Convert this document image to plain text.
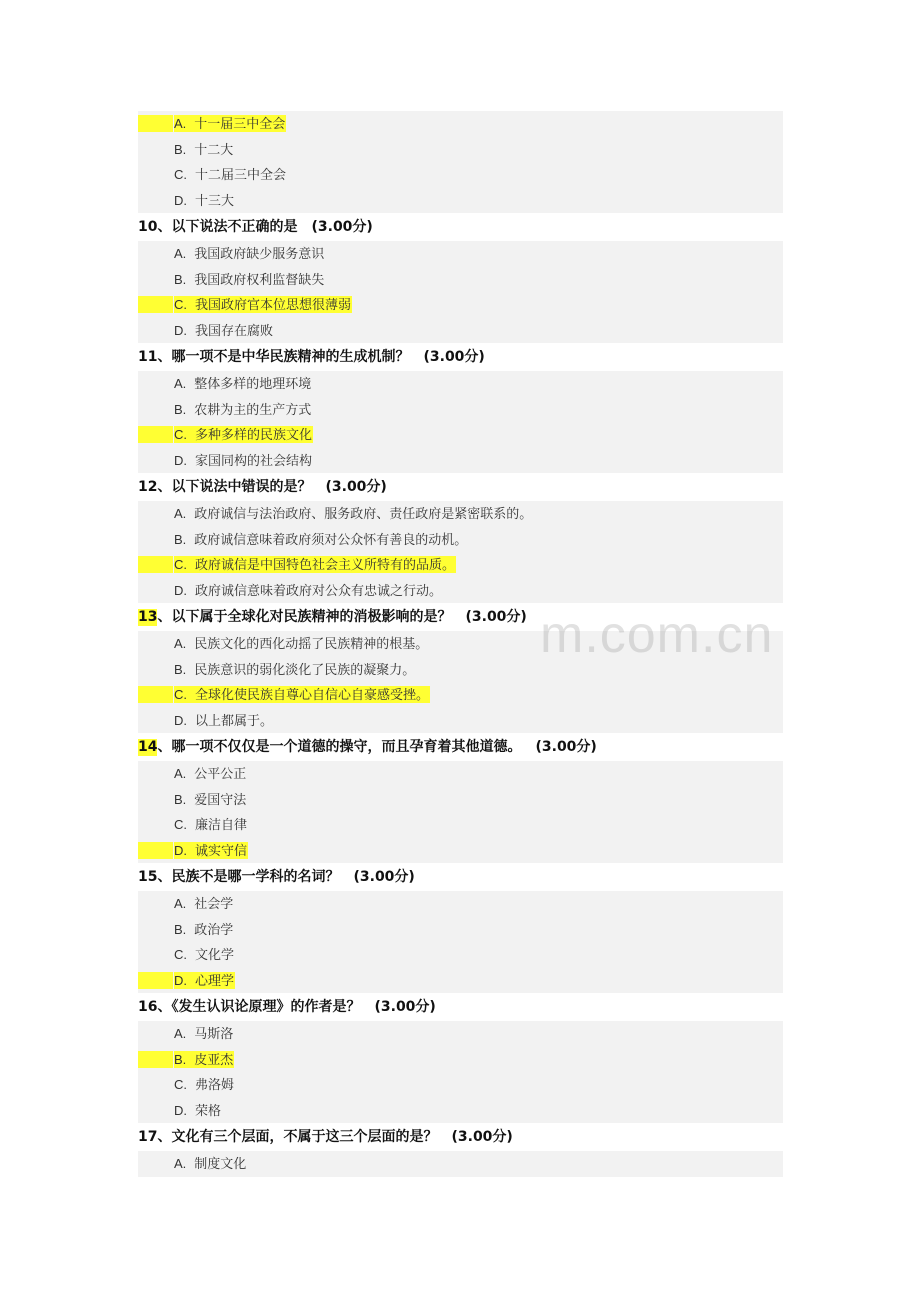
A. 十一届三中全会
B. 十二大
C. 十二届三中全会
D. 十三大
10、以下说法不正确的是 (3.00分)
A. 我国政府缺少服务意识
B. 我国政府权利监督缺失
C. 我国政府官本位思想很薄弱
D. 我国存在腐败
11、哪一项不是中华民族精神的生成机制？ (3.00分)
A. 整体多样的地理环境
B. 农耕为主的生产方式
C. 多种多样的民族文化
D. 家国同构的社会结构
12、以下说法中错误的是？ (3.00分)
A. 政府诚信与法治政府、服务政府、责任政府是紧密联系的。
B. 政府诚信意味着政府须对公众怀有善良的动机。
C. 政府诚信是中国特色社会主义所特有的品质。
D. 政府诚信意味着政府对公众有忠诚之行动。
13、以下属于全球化对民族精神的消极影响的是？ (3.00分)
A. 民族文化的西化动摇了民族精神的根基。
B. 民族意识的弱化淡化了民族的凝聚力。
C. 全球化使民族自尊心自信心自豪感受挫。
D. 以上都属于。
14、哪一项不仅仅是一个道德的操守，而且孕育着其他道德。 (3.00分)
A. 公平公正
B. 爱国守法
C. 廉洁自律
D. 诚实守信
15、民族不是哪一学科的名词？ (3.00分)
A. 社会学
B. 政治学
C. 文化学
D. 心理学
16、《发生认识论原理》的作者是？ (3.00分)
A. 马斯洛
B. 皮亚杰
C. 弗洛姆
D. 荣格
17、文化有三个层面，不属于这三个层面的是？ (3.00分)
A. 制度文化
m.com.cn
